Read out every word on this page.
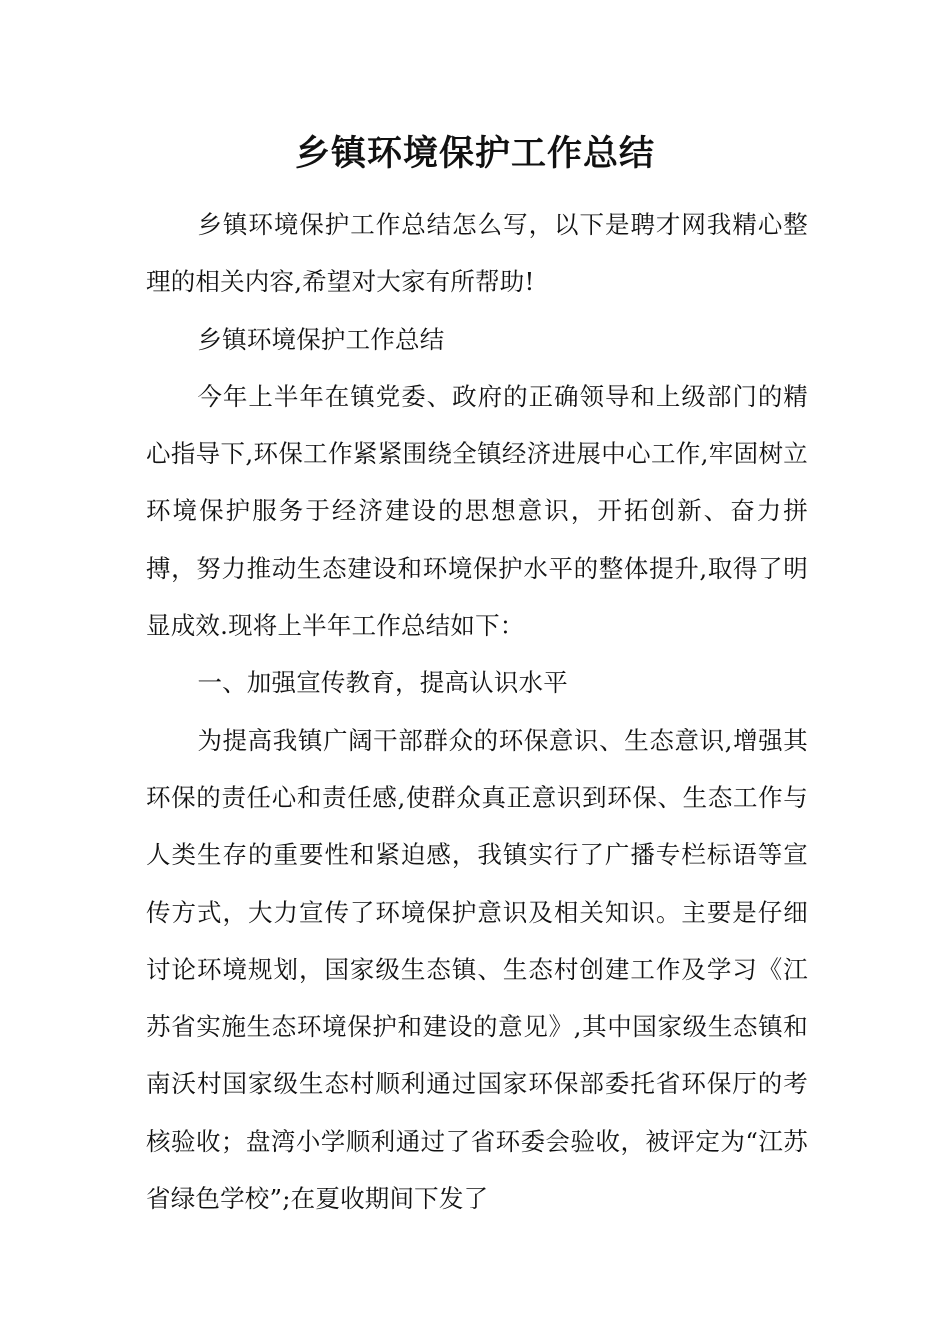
乡镇环境保护工作总结

乡镇环境保护工作总结怎么写，以下是聘才网我精心整理的相关内容,希望对大家有所帮助!

乡镇环境保护工作总结

今年上半年在镇党委、政府的正确领导和上级部门的精心指导下,环保工作紧紧围绕全镇经济进展中心工作,牢固树立环境保护服务于经济建设的思想意识，开拓创新、奋力拼搏，努力推动生态建设和环境保护水平的整体提升,取得了明显成效.现将上半年工作总结如下：

一、加强宣传教育，提高认识水平

为提高我镇广阔干部群众的环保意识、生态意识,增强其环保的责任心和责任感,使群众真正意识到环保、生态工作与人类生存的重要性和紧迫感，我镇实行了广播专栏标语等宣传方式，大力宣传了环境保护意识及相关知识。主要是仔细讨论环境规划，国家级生态镇、生态村创建工作及学习《江苏省实施生态环境保护和建设的意见》,其中国家级生态镇和南沃村国家级生态村顺利通过国家环保部委托省环保厅的考核验收；盘湾小学顺利通过了省环委会验收，被评定为“江苏省绿色学校”;在夏收期间下发了
